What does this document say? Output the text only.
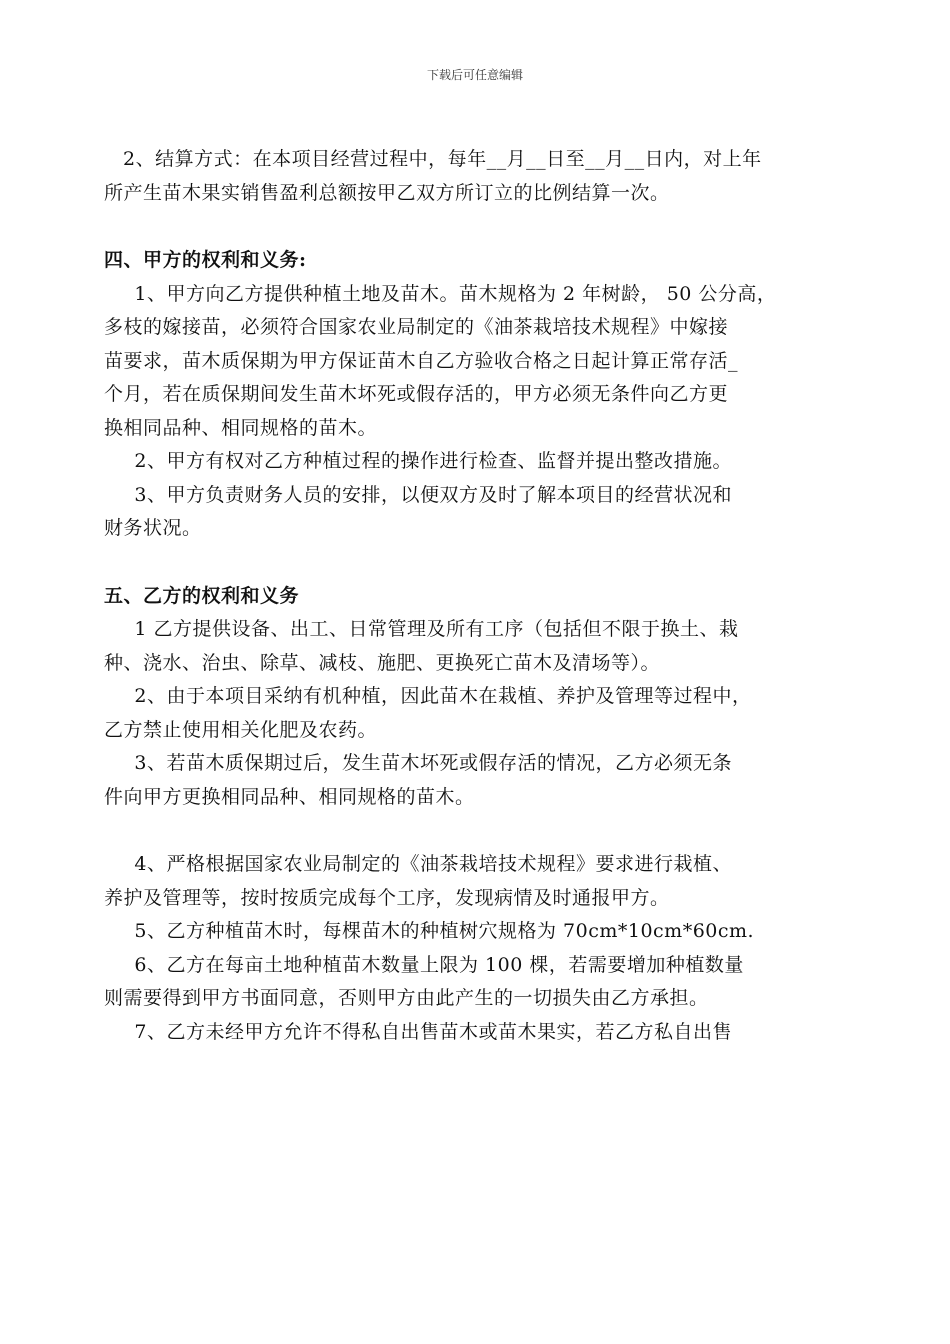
下载后可任意编辑

2、结算方式：在本项目经营过程中，每年__月__日至__月__日内，对上年

所产生苗木果实销售盈利总额按甲乙双方所订立的比例结算一次。

四、甲方的权利和义务:

1、甲方向乙方提供种植土地及苗木。苗木规格为 2 年树龄， 50 公分高，

多枝的嫁接苗，必须符合国家农业局制定的《油茶栽培技术规程》中嫁接

苗要求，苗木质保期为甲方保证苗木自乙方验收合格之日起计算正常存活_

个月，若在质保期间发生苗木坏死或假存活的，甲方必须无条件向乙方更

换相同品种、相同规格的苗木。

2、甲方有权对乙方种植过程的操作进行检查、监督并提出整改措施。

3、甲方负责财务人员的安排，以便双方及时了解本项目的经营状况和

财务状况。

五、乙方的权利和义务

1 乙方提供设备、出工、日常管理及所有工序（包括但不限于换土、栽

种、浇水、治虫、除草、减枝、施肥、更换死亡苗木及清场等）。

2、由于本项目采纳有机种植，因此苗木在栽植、养护及管理等过程中，

乙方禁止使用相关化肥及农药。

3、若苗木质保期过后，发生苗木坏死或假存活的情况，乙方必须无条

件向甲方更换相同品种、相同规格的苗木。

4、严格根据国家农业局制定的《油茶栽培技术规程》要求进行栽植、

养护及管理等，按时按质完成每个工序，发现病情及时通报甲方。

5、乙方种植苗木时，每棵苗木的种植树穴规格为 70cm*10cm*60cm.

6、乙方在每亩土地种植苗木数量上限为 100 棵，若需要增加种植数量

则需要得到甲方书面同意，否则甲方由此产生的一切损失由乙方承担。

7、乙方未经甲方允许不得私自出售苗木或苗木果实，若乙方私自出售
